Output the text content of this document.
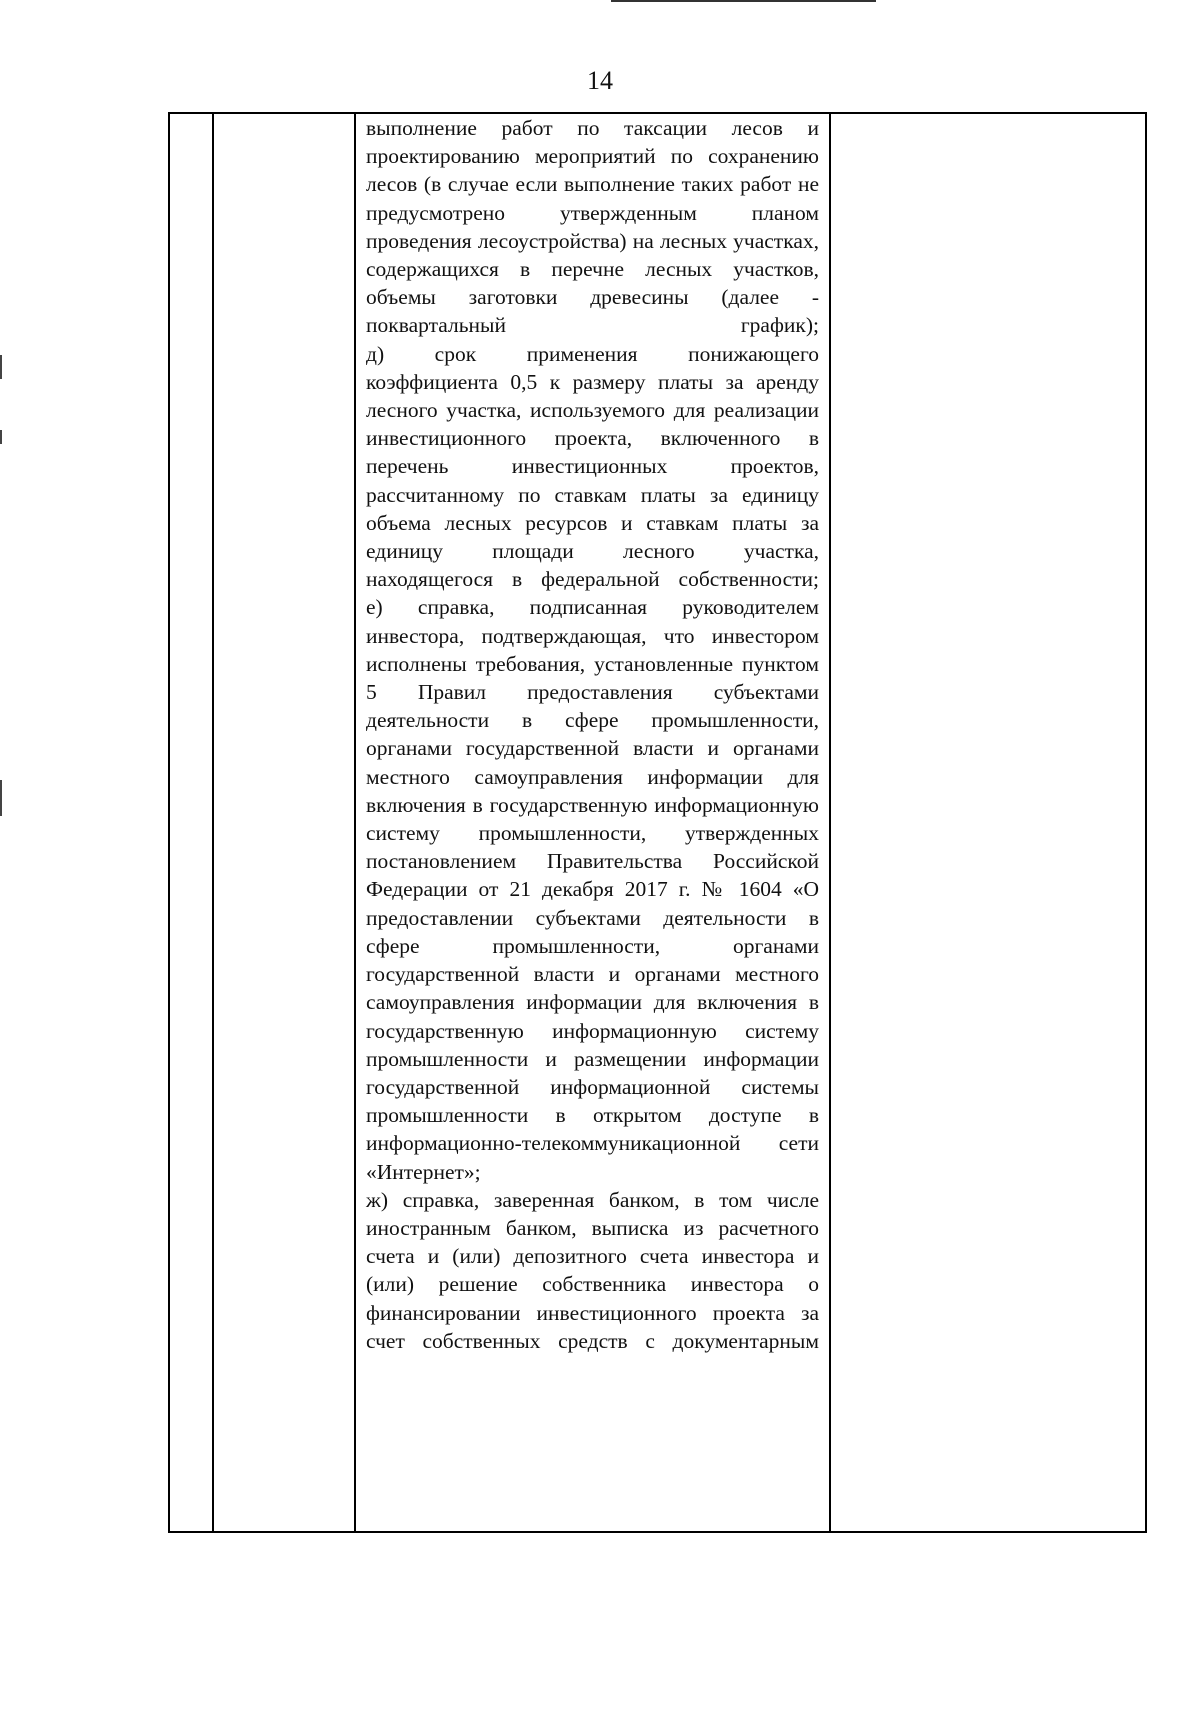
14

выполнение работ по таксации лесов и проектированию мероприятий по сохранению лесов (в случае если выполнение таких работ не предусмотрено утвержденным планом проведения лесоустройства) на лесных участках, содержащихся в перечне лесных участков, объемы заготовки древесины (далее - поквартальный график);

д) срок применения понижающего коэффициента 0,5 к размеру платы за аренду лесного участка, используемого для реализации инвестиционного проекта, включенного в перечень инвестиционных проектов, рассчитанному по ставкам платы за единицу объема лесных ресурсов и ставкам платы за единицу площади лесного участка, находящегося в федеральной собственности;

е) справка, подписанная руководителем инвестора, подтверждающая, что инвестором исполнены требования, установленные пунктом 5 Правил предоставления субъектами деятельности в сфере промышленности, органами государственной власти и органами местного самоуправления информации для включения в государственную информационную систему промышленности, утвержденных постановлением Правительства Российской Федерации от 21 декабря 2017 г. № 1604 «О предоставлении субъектами деятельности в сфере промышленности, органами государственной власти и органами местного самоуправления информации для включения в государственную информационную систему промышленности и размещении информации государственной информационной системы промышленности в открытом доступе в информационно-телекоммуникационной сети «Интернет»;

ж) справка, заверенная банком, в том числе иностранным банком, выписка из расчетного счета и (или) депозитного счета инвестора и (или) решение собственника инвестора о финансировании инвестиционного проекта за счет собственных средств с документарным
